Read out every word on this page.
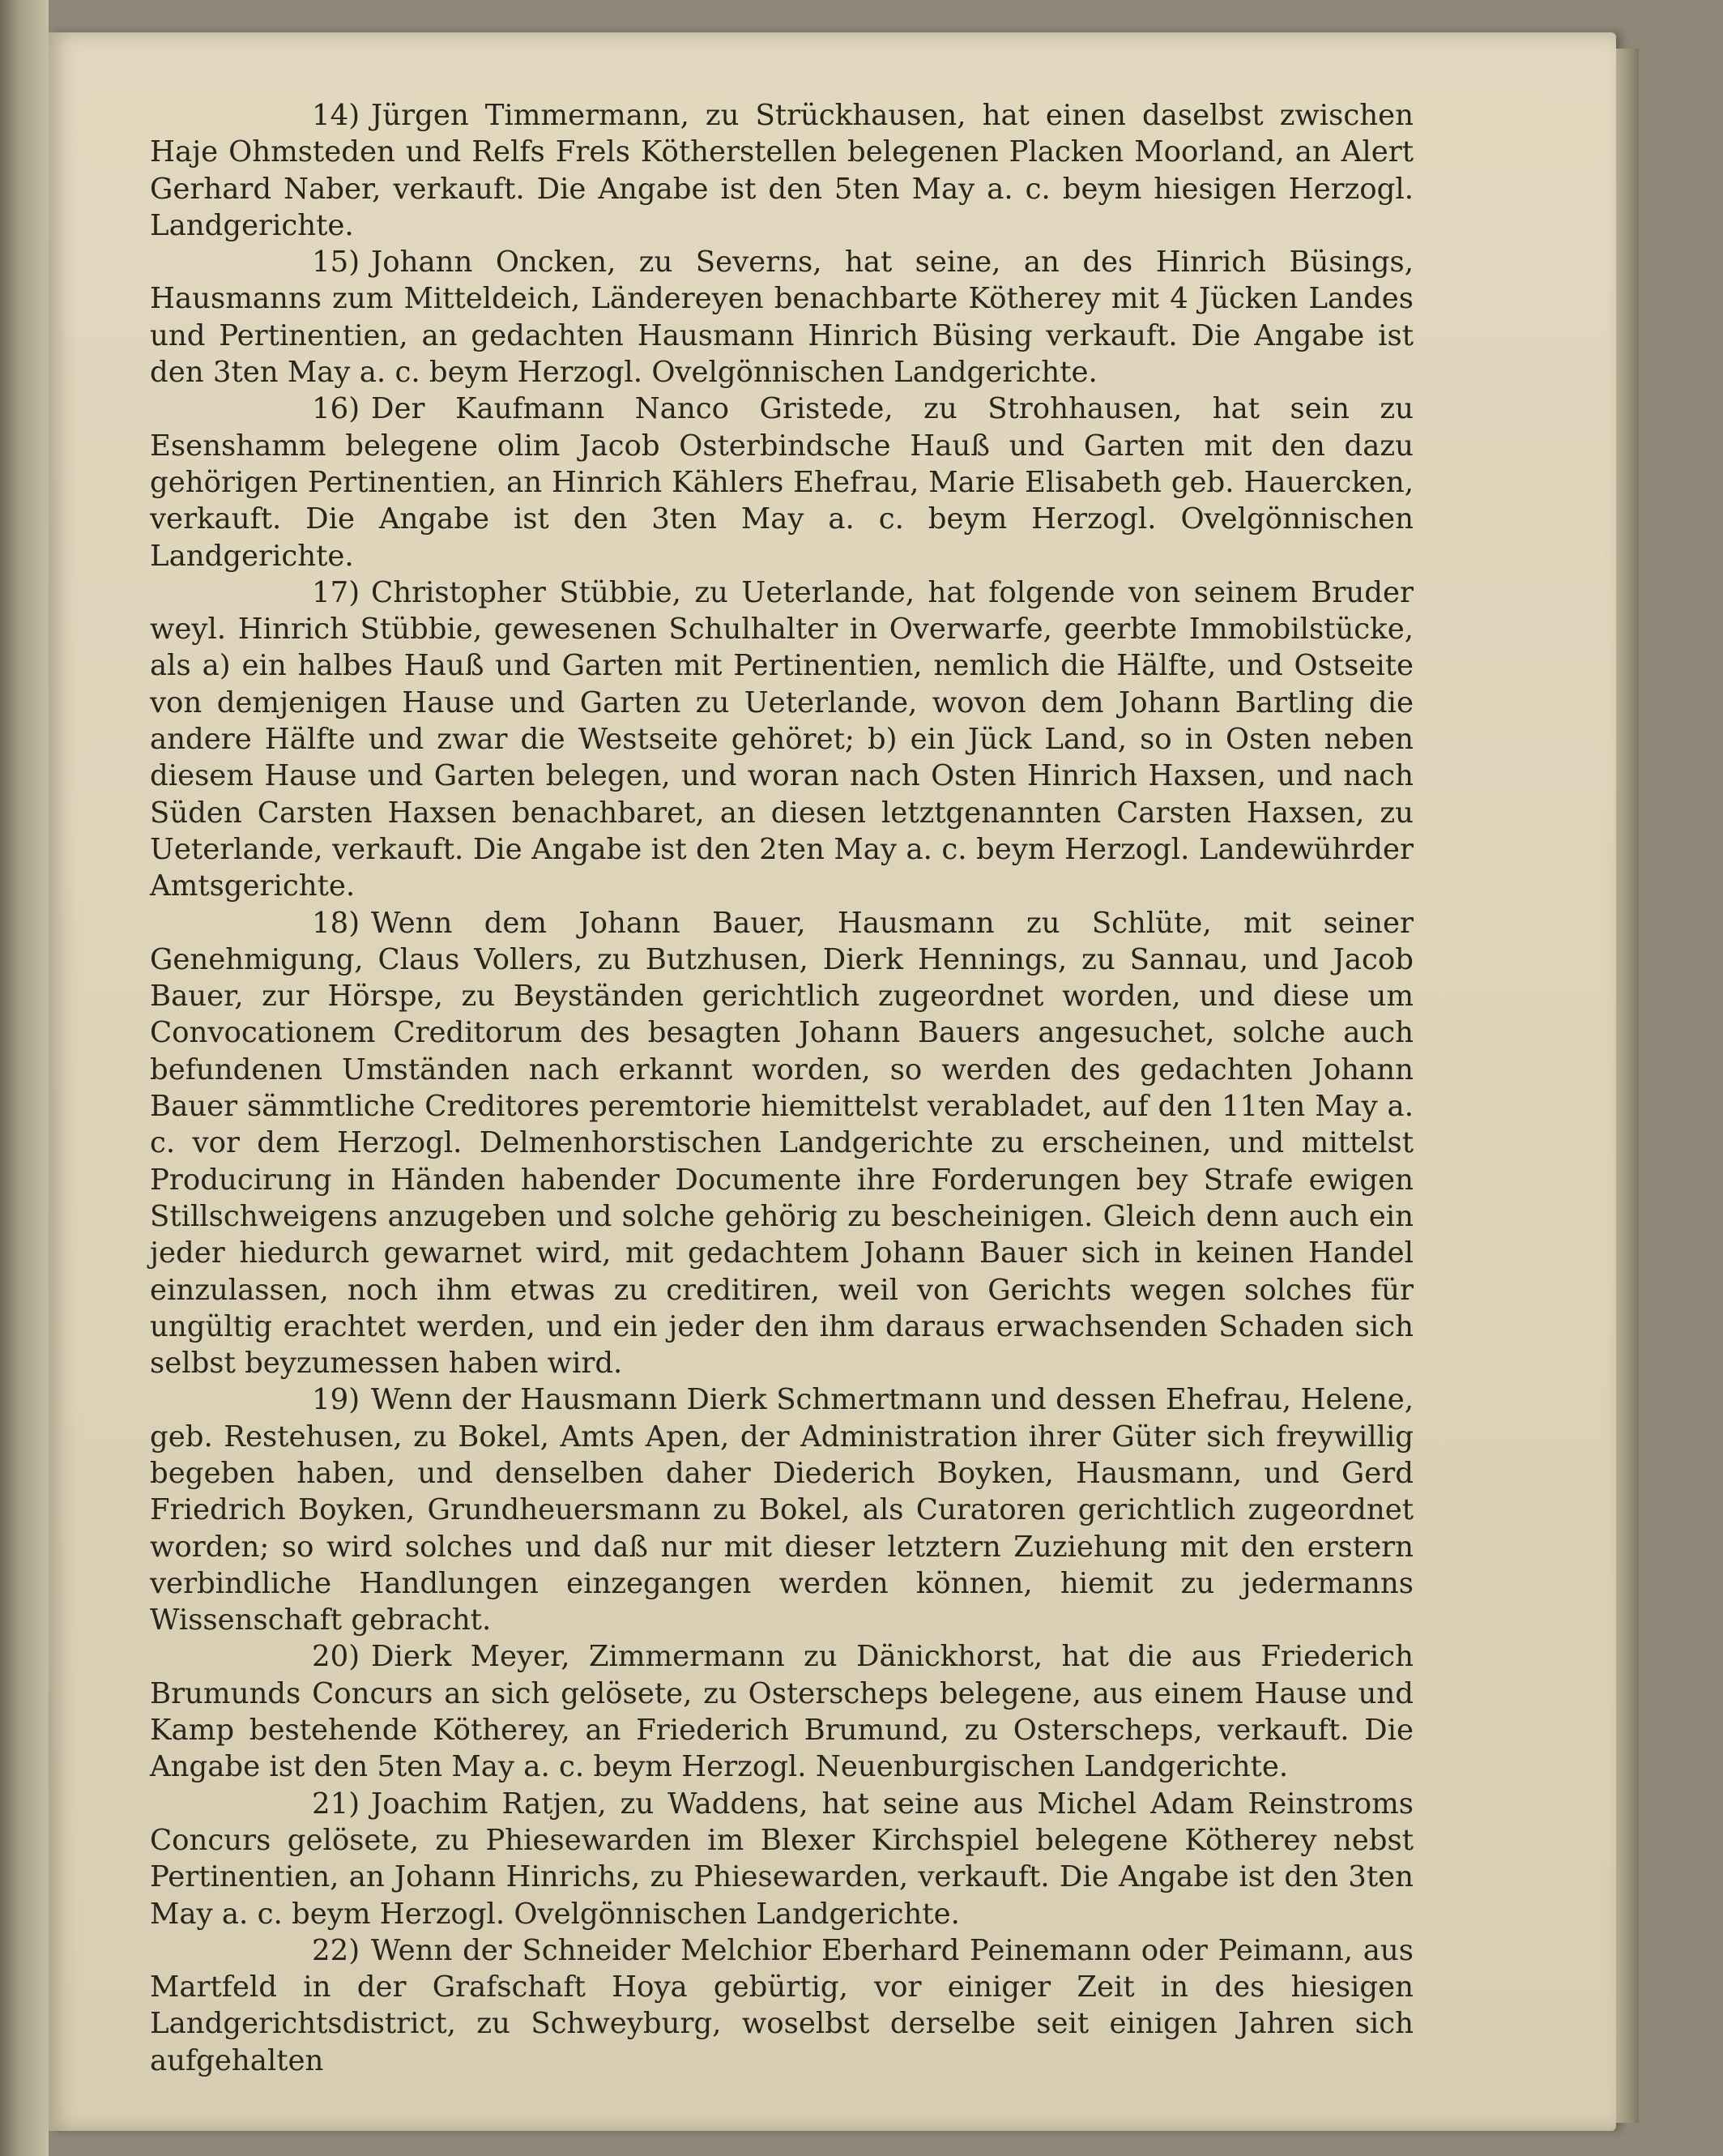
14 ) Jürgen Timmermann, zu Strückhausen, hat einen daselbst zwischen Haje Ohmsteden und Relfs Frels Kötherstellen belegenen Placken Moorland, an Alert Gerhard Naber, verkauft. Die Angabe ist den 5ten May a. c. beym hiesigen Herzogl. Landgerichte.

15 ) Johann Oncken, zu Severns, hat seine, an des Hinrich Büsings, Hausmanns zum Mitteldeich, Ländereyen benachbarte Kötherey mit 4 Jücken Landes und Pertinentien, an gedachten Hausmann Hinrich Büsing verkauft. Die Angabe ist den 3ten May a. c. beym Herzogl. Ovelgönnischen Landgerichte.

16 ) Der Kaufmann Nanco Gristede, zu Strohhausen, hat sein zu Esenshamm belegene olim Jacob Osterbindsche Hauß und Garten mit den dazu gehörigen Pertinentien, an Hinrich Kählers Ehefrau, Marie Elisabeth geb. Hauercken, verkauft. Die Angabe ist den 3ten May a. c. beym Herzogl. Ovelgönnischen Landgerichte.

17 ) Christopher Stübbie, zu Ueterlande, hat folgende von seinem Bruder weyl. Hinrich Stübbie, gewesenen Schulhalter in Overwarfe, geerbte Immobilstücke, als a) ein halbes Hauß und Garten mit Pertinentien, nemlich die Hälfte, und Ostseite von demjenigen Hause und Garten zu Ueterlande, wovon dem Johann Bartling die andere Hälfte und zwar die Westseite gehöret; b) ein Jück Land, so in Osten neben diesem Hause und Garten belegen, und woran nach Osten Hinrich Haxsen, und nach Süden Carsten Haxsen benachbaret, an diesen letztgenannten Carsten Haxsen, zu Ueterlande, verkauft. Die Angabe ist den 2ten May a. c. beym Herzogl. Landewührder Amtsgerichte.

18 ) Wenn dem Johann Bauer, Hausmann zu Schlüte, mit seiner Genehmigung, Claus Vollers, zu Butzhusen, Dierk Hennings, zu Sannau, und Jacob Bauer, zur Hörspe, zu Beyständen gerichtlich zugeordnet worden, und diese um Convocationem Creditorum des besagten Johann Bauers angesuchet, solche auch befundenen Umständen nach erkannt worden, so werden des gedachten Johann Bauer sämmtliche Creditores peremtorie hiemittelst verabladet, auf den 11ten May a. c. vor dem Herzogl. Delmenhorstischen Landgerichte zu erscheinen, und mittelst Producirung in Händen habender Documente ihre Forderungen bey Strafe ewigen Stillschweigens anzugeben und solche gehörig zu bescheinigen. Gleich denn auch ein jeder hiedurch gewarnet wird, mit gedachtem Johann Bauer sich in keinen Handel einzulassen, noch ihm etwas zu creditiren, weil von Gerichts wegen solches für ungültig erachtet werden, und ein jeder den ihm daraus erwachsenden Schaden sich selbst beyzumessen haben wird.

19 ) Wenn der Hausmann Dierk Schmertmann und dessen Ehefrau, Helene, geb. Restehusen, zu Bokel, Amts Apen, der Administration ihrer Güter sich freywillig begeben haben, und denselben daher Diederich Boyken, Hausmann, und Gerd Friedrich Boyken, Grundheuersmann zu Bokel, als Curatoren gerichtlich zugeordnet worden; so wird solches und daß nur mit dieser letztern Zuziehung mit den erstern verbindliche Handlungen einzegangen werden können, hiemit zu jedermanns Wissenschaft gebracht.

20 ) Dierk Meyer, Zimmermann zu Dänickhorst, hat die aus Friederich Brumunds Concurs an sich gelösete, zu Osterscheps belegene, aus einem Hause und Kamp bestehende Kötherey, an Friederich Brumund, zu Osterscheps, verkauft. Die Angabe ist den 5ten May a. c. beym Herzogl. Neuenburgischen Landgerichte.

21 ) Joachim Ratjen, zu Waddens, hat seine aus Michel Adam Reinstroms Concurs gelösete, zu Phiesewarden im Blexer Kirchspiel belegene Kötherey nebst Pertinentien, an Johann Hinrichs, zu Phiesewarden, verkauft. Die Angabe ist den 3ten May a. c. beym Herzogl. Ovelgönnischen Landgerichte.

22 ) Wenn der Schneider Melchior Eberhard Peinemann oder Peimann, aus Martfeld in der Grafschaft Hoya gebürtig, vor einiger Zeit in des hiesigen Landgerichtsdistrict, zu Schweyburg, woselbst derselbe seit einigen Jahren sich aufgehalten
